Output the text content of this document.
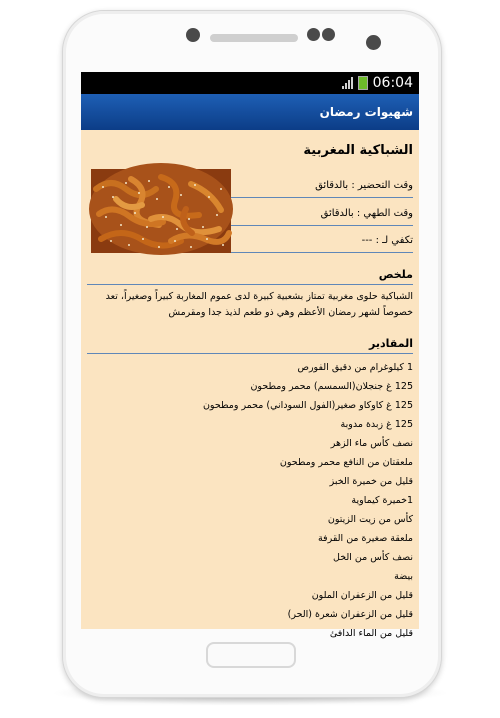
06:04
شهيوات رمضان
الشباكية المغربية
وقت التحضير : بالدقائق
وقت الطهي : بالدقائق
تكفي لـ : ---
ملخص
الشباكية حلوى مغربية تمتاز بشعبية كبيرة لدى عموم المغاربة كبيراً وصغيراً، تعد خصوصاً لشهر رمضان الأعظم وهي ذو طعم لذيذ جدا ومقرمش
المقادير
1 كيلوغرام من دقيق الفورص
125 غ جنجلان(السمسم) محمر ومطحون
125 غ كاوكاو صغير(الفول السوداني) محمر ومطحون
125 غ زبدة مدوبة
نصف كأس ماء الزهر
ملعقتان من النافع محمر ومطحون
قليل من خميرة الخبز
1خميرة كيماوية
كأس من زيت الزيتون
ملعقة صغيرة من القرفة
نصف كأس من الخل
بيضة
قليل من الزعفران الملون
قليل من الزعفران شعرة (الحر)
قليل من الماء الدافئ
